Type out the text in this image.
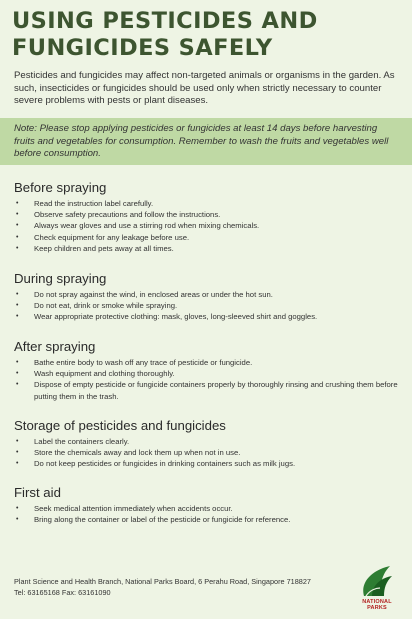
USING PESTICIDES AND
FUNGICIDES SAFELY

Pesticides and fungicides may affect non-targeted animals or organisms in the garden. As such, insecticides or fungicides should be used only when strictly necessary to counter severe problems with pests or plant diseases.

Note: Please stop applying pesticides or fungicides at least 14 days before harvesting fruits and vegetables for consumption. Remember to wash the fruits and vegetables well before consumption.
Before spraying
• Read the instruction label carefully.
• Observe safety precautions and follow the instructions.
• Always wear gloves and use a stirring rod when mixing chemicals.
• Check equipment for any leakage before use.
• Keep children and pets away at all times.
During spraying
• Do not spray against the wind, in enclosed areas or under the hot sun.
• Do not eat, drink or smoke while spraying.
• Wear appropriate protective clothing: mask, gloves, long-sleeved shirt and goggles.
After spraying
• Bathe entire body to wash off any trace of pesticide or fungicide.
• Wash equipment and clothing thoroughly.
• Dispose of empty pesticide or fungicide containers properly by thoroughly rinsing and crushing them before putting them in the trash.
Storage of pesticides and fungicides
• Label the containers clearly.
• Store the chemicals away and lock them up when not in use.
• Do not keep pesticides or fungicides in drinking containers such as milk jugs.
First aid
• Seek medical attention immediately when accidents occur.
• Bring along the container or label of the pesticide or fungicide for reference.
Plant Science and Health Branch, National Parks Board, 6 Perahu Road, Singapore 718827
Tel: 63165168 Fax: 63161090
NATIONAL PARKS
